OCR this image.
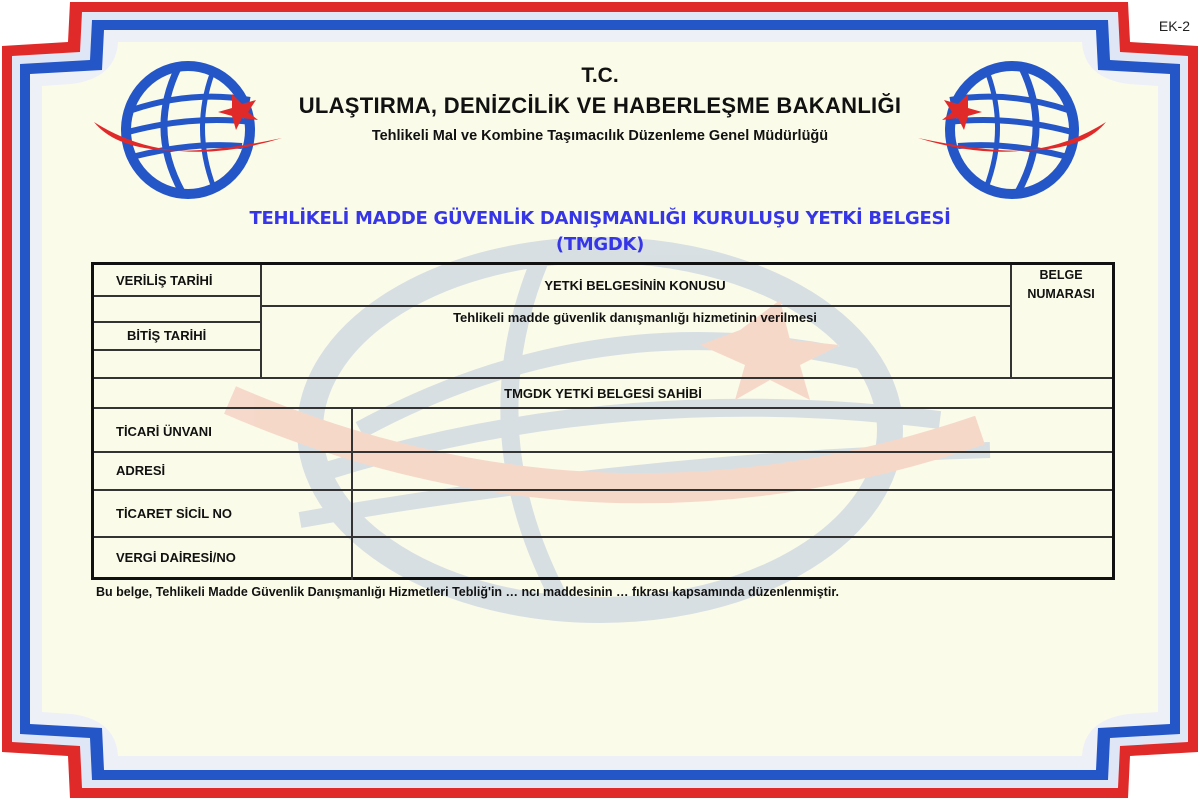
EK-2
T.C.
ULAŞTIRMA, DENİZCİLİK VE HABERLEŞME BAKANLIĞI
Tehlikeli Mal ve Kombine Taşımacılık Düzenleme Genel Müdürlüğü
TEHLİKELİ MADDE GÜVENLİK DANIŞMANLIĞI KURULUŞU YETKİ BELGESİ
(TMGDK)
VERİLİŞ TARİHİ
BİTİŞ TARİHİ
YETKİ BELGESİNİN KONUSU
Tehlikeli madde güvenlik danışmanlığı hizmetinin verilmesi
BELGE
NUMARASI
TMGDK YETKİ BELGESİ SAHİBİ
TİCARİ ÜNVANI
ADRESİ
TİCARET SİCİL NO
VERGİ DAİRESİ/NO
Bu belge, Tehlikeli Madde Güvenlik Danışmanlığı Hizmetleri Tebliğ'in … ncı maddesinin … fıkrası kapsamında düzenlenmiştir.
